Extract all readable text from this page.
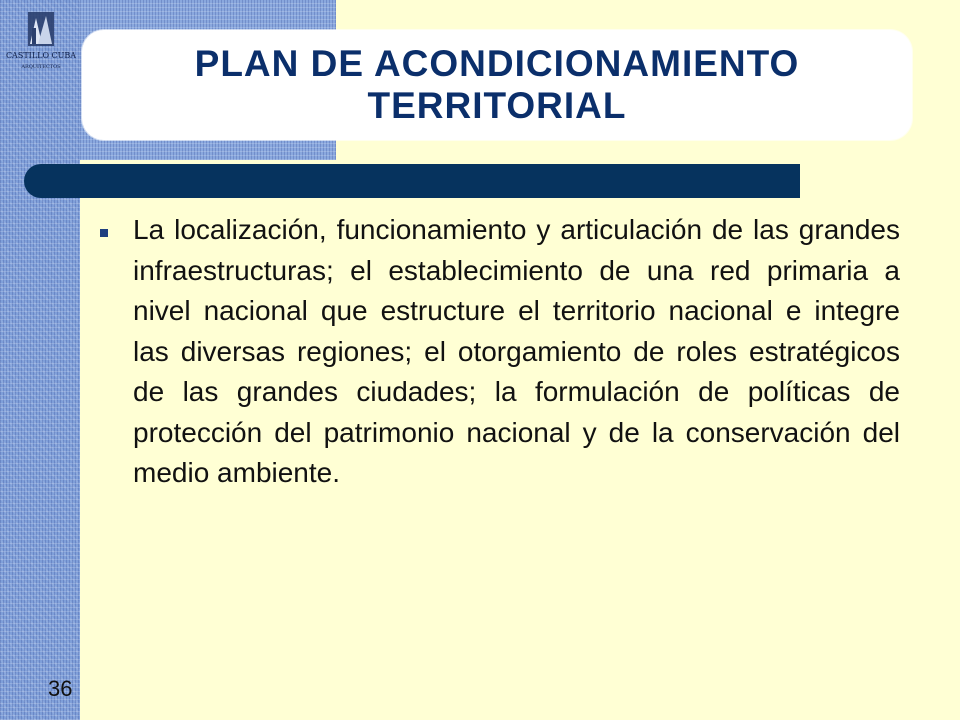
CASTILLO CUBA
ARQUITECTOS	PLAN DE ACONDICIONAMIENTO
TERRITORIAL
La localización, funcionamiento y articulación de las grandes infraestructuras; el establecimiento de una red primaria a nivel nacional que estructure el territorio nacional e integre las diversas regiones; el otorgamiento de roles estratégicos de las grandes ciudades; la formulación de políticas de protección del patrimonio nacional y de la conservación del medio ambiente.
36
